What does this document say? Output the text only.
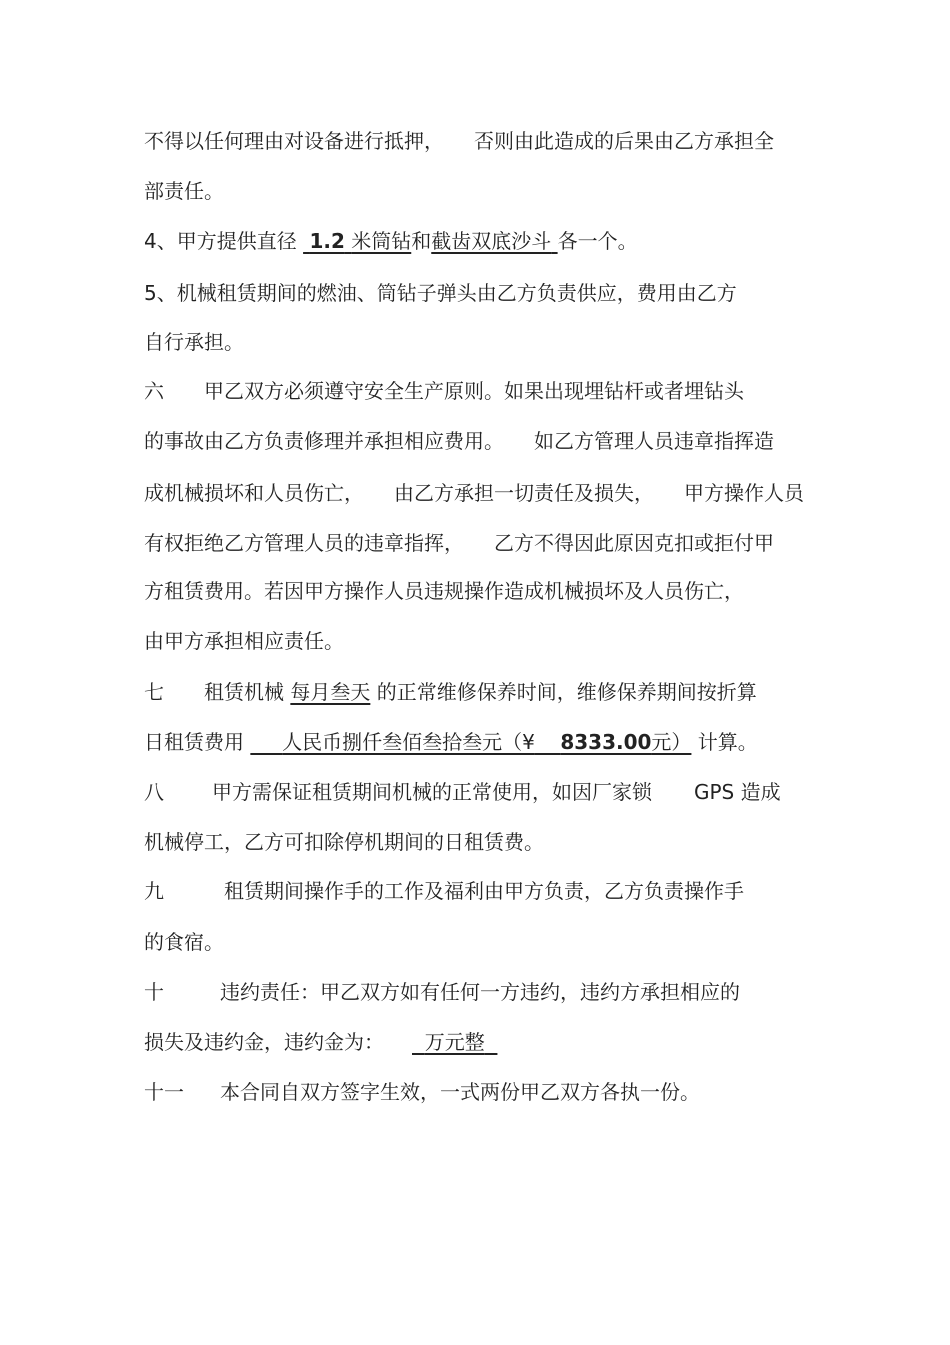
不得以任何理由对设备进行抵押， 否则由此造成的后果由乙方承担全
部责任。
4、甲方提供直径 1.2 米筒钻和截齿双底沙斗 各一个。
5、机械租赁期间的燃油、筒钻子弹头由乙方负责供应，费用由乙方
自行承担。
六 甲乙双方必须遵守安全生产原则。如果出现埋钻杆或者埋钻头
的事故由乙方负责修理并承担相应费用。 如乙方管理人员违章指挥造
成机械损坏和人员伤亡， 由乙方承担一切责任及损失， 甲方操作人员
有权拒绝乙方管理人员的违章指挥， 乙方不得因此原因克扣或拒付甲
方租赁费用。若因甲方操作人员违规操作造成机械损坏及人员伤亡，
由甲方承担相应责任。
七 租赁机械 每月叁天 的正常维修保养时间，维修保养期间按折算
日租赁费用 人民币捌仟叁佰叁拾叁元（¥ 8333.00元） 计算。
八 甲方需保证租赁期间机械的正常使用，如因厂家锁 GPS 造成
机械停工，乙方可扣除停机期间的日租赁费。
九	租赁期间操作手的工作及福利由甲方负责，乙方负责操作手
的食宿。
十	违约责任：甲乙双方如有任何一方违约，违约方承担相应的
损失及违约金，违约金为： 万元整
十一 本合同自双方签字生效，一式两份甲乙双方各执一份。
